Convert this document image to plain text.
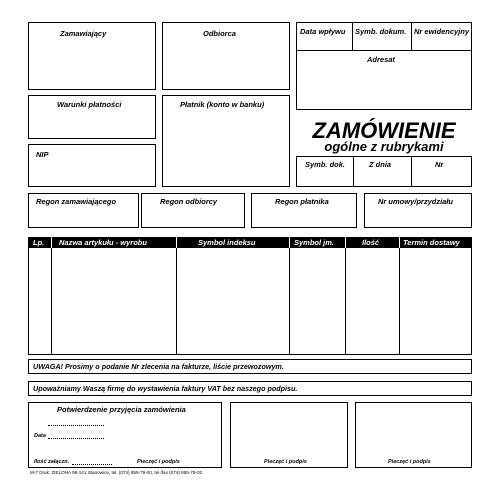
Zamawiający	Odbiorca	Data wpływu Symb. dokum. Nr ewidencyjny
Adresat
Warunki płatności	Płatnik (konto w banku)
NIP
ZAMÓWIENIE
ogólne z rubrykami
Symb. dok.	Z dnia	Nr
Regon zamawiającego	Regon odbiorcy	Regon płatnika	Nr umowy/przydziału
Lp. Nazwa artykułu - wyrobu	Symbol indeksu	Symbol jm.	Ilość	Termin dostawy
UWAGA! Prosimy o podanie Nr zlecenia na fakturze, liście przewozowym.
Upoważniamy Waszą firmę do wystawienia faktury VAT bez naszego podpisu.
Potwierdzenie przyjęcia zamówienia
Data
Ilość załączn.	Pieczęć i podpis	Pieczęć i podpis	Pieczęć i podpis
M-7 Druk: ZIELONA 58-141 Stanowice, tel. (074) 855-79-00, tel./fax (074) 855-79-02
